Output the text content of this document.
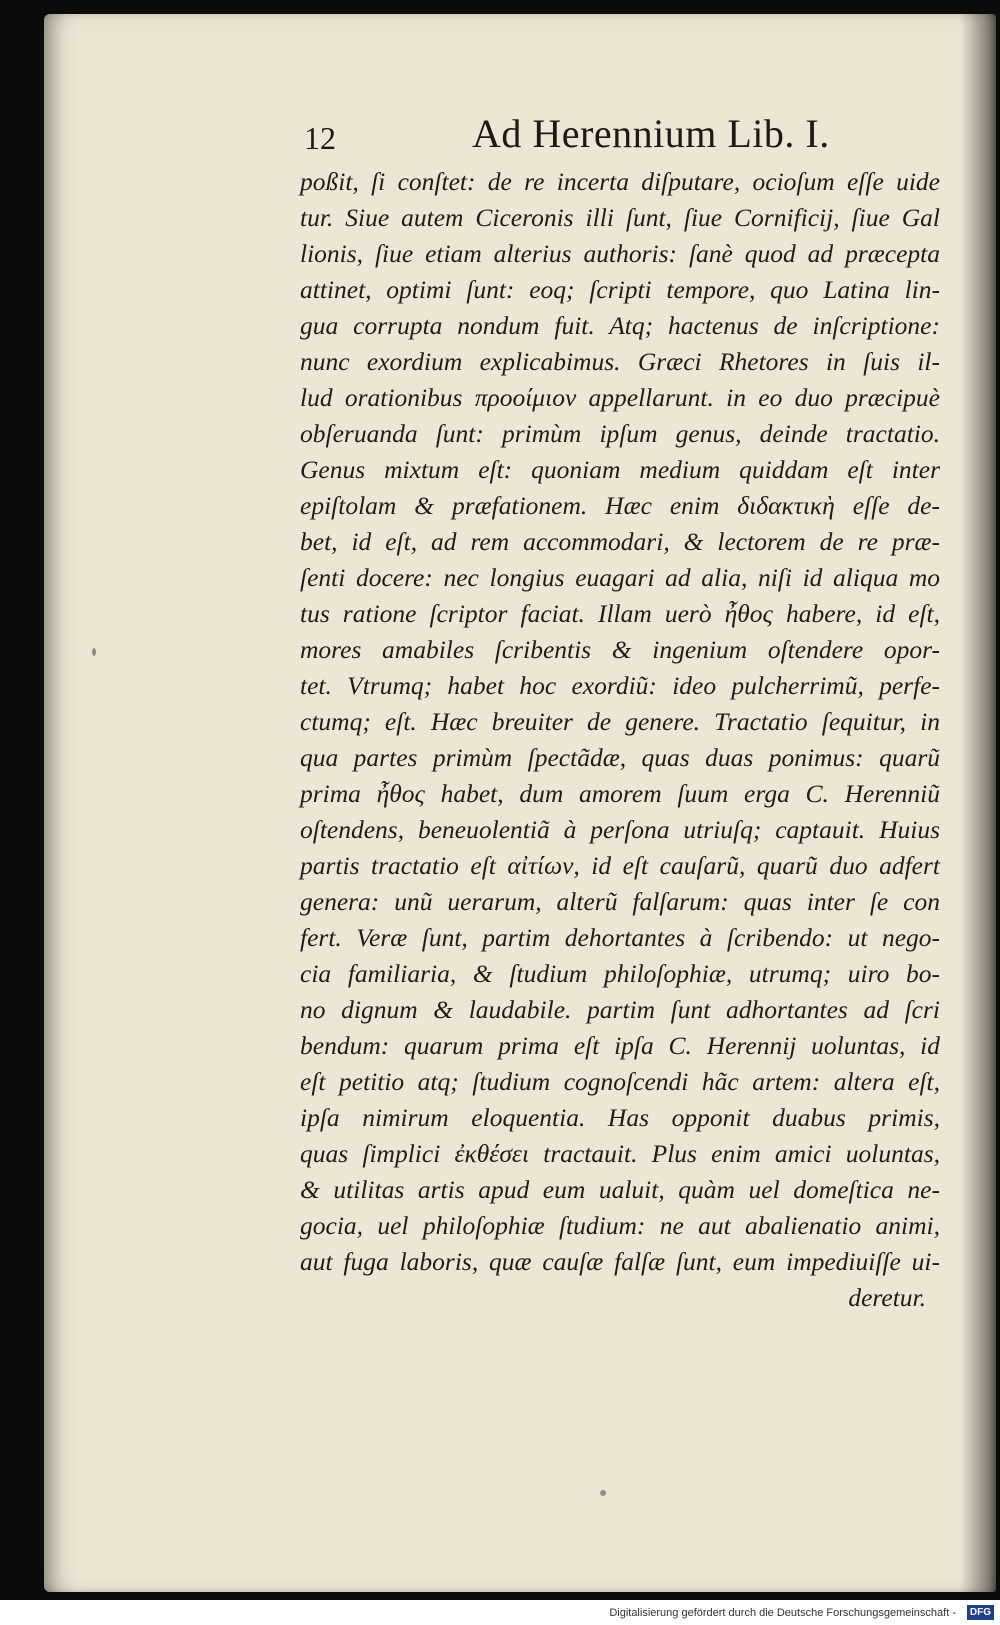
12	Ad Herennium Lib. I.
poßit, ſi conſtet: de re incerta diſputare, ocioſum eſſe uide
tur. Siue autem Ciceronis illi ſunt, ſiue Cornificij, ſiue Gal
lionis, ſiue etiam alterius authoris: ſanè quod ad præcepta
attinet, optimi ſunt: eoq; ſcripti tempore, quo Latina lin-
gua corrupta nondum fuit. Atq; hactenus de inſcriptione:
nunc exordium explicabimus. Græci Rhetores in ſuis il-
lud orationibus προοίμιον appellarunt. in eo duo præcipuè
obſeruanda ſunt: primùm ipſum genus, deinde tractatio.
Genus mixtum eſt: quoniam medium quiddam eſt inter
epiſtolam & præfationem. Hæc enim διδακτικὴ eſſe de-
bet, id eſt, ad rem accommodari, & lectorem de re præ-
ſenti docere: nec longius euagari ad alia, niſi id aliqua mo
tus ratione ſcriptor faciat. Illam uerò ἦθος habere, id eſt,
mores amabiles ſcribentis & ingenium oſtendere opor-
tet. Vtrumq; habet hoc exordiũ: ideo pulcherrimũ, perfe-
ctumq; eſt. Hæc breuiter de genere. Tractatio ſequitur, in
qua partes primùm ſpectãdæ, quas duas ponimus: quarũ
prima ἦθος habet, dum amorem ſuum erga C. Herenniũ
oſtendens, beneuolentiã à perſona utriuſq; captauit. Huius
partis tractatio eſt αἰτίων, id eſt cauſarũ, quarũ duo adfert
genera: unũ uerarum, alterũ falſarum: quas inter ſe con
fert. Veræ ſunt, partim dehortantes à ſcribendo: ut nego-
cia familiaria, & ſtudium philoſophiæ, utrumq; uiro bo-
no dignum & laudabile. partim ſunt adhortantes ad ſcri
bendum: quarum prima eſt ipſa C. Herennij uoluntas, id
eſt petitio atq; ſtudium cognoſcendi hãc artem: altera eſt,
ipſa nimirum eloquentia. Has opponit duabus primis,
quas ſimplici ἐκθέσει tractauit. Plus enim amici uoluntas,
& utilitas artis apud eum ualuit, quàm uel domeſtica ne-
gocia, uel philoſophiæ ſtudium: ne aut abalienatio animi,
aut fuga laboris, quæ cauſæ falſæ ſunt, eum impediuiſſe ui-
deretur.
Digitalisierung gefördert durch die Deutsche Forschungsgemeinschaft -	DFG
